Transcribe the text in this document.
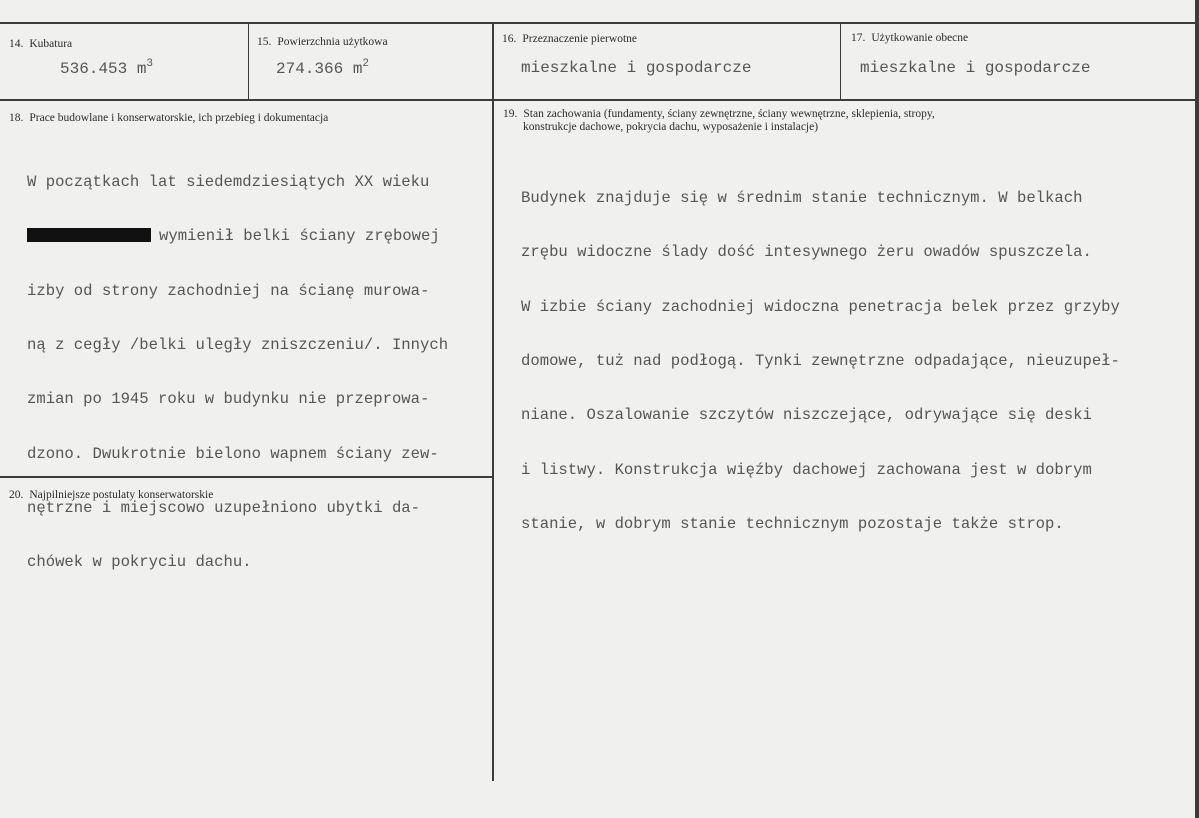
14. Kubatura
536.453 $m^3$
15. Powierzchnia użytkowa
274.366 $m^2$
16. Przeznaczenie pierwotne
mieszkalne i gospodarcze
17. Użytkowanie obecne
mieszkalne i gospodarcze
18. Prace budowlane i konserwatorskie, ich przebieg i dokumentacja

W początkach lat siedemdziesiątych XX wieku

wymienił belki ściany zrębowej

izby od strony zachodniej na ścianę murowa-

ną z cegły /belki uległy zniszczeniu/. Innych

zmian po 1945 roku w budynku nie przeprowa-

dzono. Dwukrotnie bielono wapnem ściany zew-

nętrzne i miejscowo uzupełniono ubytki da-

chówek w pokryciu dachu.

19. Stan zachowania (fundamenty, ściany zewnętrzne, ściany wewnętrzne, sklepienia, stropy,
konstrukcje dachowe, pokrycia dachu, wyposażenie i instalacje)

Budynek znajduje się w średnim stanie technicznym. W belkach

zrębu widoczne ślady dość intesywnego żeru owadów spuszczela.

W izbie ściany zachodniej widoczna penetracja belek przez grzyby

domowe, tuż nad podłogą. Tynki zewnętrzne odpadające, nieuzupeł-

niane. Oszalowanie szczytów niszczejące, odrywające się deski

i listwy. Konstrukcja więźby dachowej zachowana jest w dobrym

stanie, w dobrym stanie technicznym pozostaje także strop.

20. Najpilniejsze postulaty konserwatorskie
